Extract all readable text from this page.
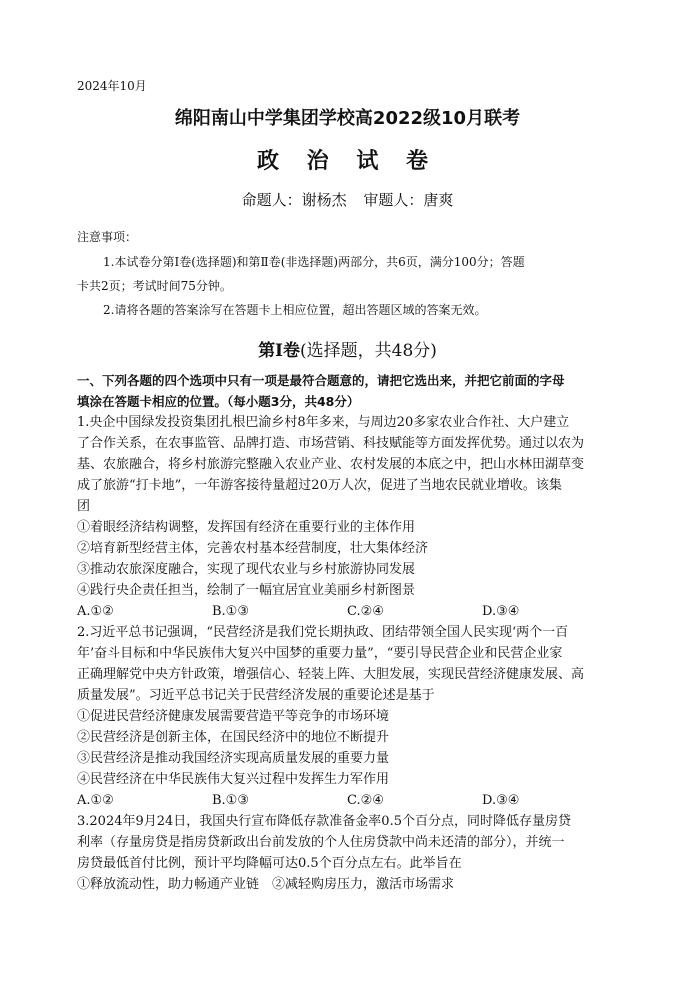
2024年10月
绵阳南山中学集团学校高2022级10月联考
政 治 试 卷
命题人：谢杨杰 审题人：唐爽
注意事项：

1.本试卷分第Ⅰ卷(选择题)和第Ⅱ卷(非选择题)两部分，共6页，满分100分；答题

卡共2页；考试时间75分钟。

2.请将各题的答案涂写在答题卡上相应位置，超出答题区域的答案无效。

第Ⅰ卷(选择题，共48分)

一、下列各题的四个选项中只有一项是最符合题意的，请把它选出来，并把它前面的字母

填涂在答题卡相应的位置。（每小题3分，共48分）

1.央企中国绿发投资集团扎根巴渝乡村8年多来，与周边20多家农业合作社、大户建立

了合作关系，在农事监管、品牌打造、市场营销、科技赋能等方面发挥优势。通过以农为

基、农旅融合，将乡村旅游完整融入农业产业、农村发展的本底之中，把山水林田湖草变

成了旅游“打卡地”，一年游客接待量超过20万人次，促进了当地农民就业增收。该集

团

①着眼经济结构调整，发挥国有经济在重要行业的主体作用

②培育新型经营主体，完善农村基本经营制度，壮大集体经济

③推动农旅深度融合，实现了现代农业与乡村旅游协同发展

④践行央企责任担当，绘制了一幅宜居宜业美丽乡村新图景

A.①②	B.①③	C.②④	D.③④

2.习近平总书记强调，“民营经济是我们党长期执政、团结带领全国人民实现‘两个一百

年’奋斗目标和中华民族伟大复兴中国梦的重要力量”，“要引导民营企业和民营企业家

正确理解党中央方针政策，增强信心、轻装上阵、大胆发展，实现民营经济健康发展、高

质量发展”。习近平总书记关于民营经济发展的重要论述是基于

①促进民营经济健康发展需要营造平等竞争的市场环境

②民营经济是创新主体，在国民经济中的地位不断提升

③民营经济是推动我国经济实现高质量发展的重要力量

④民营经济在中华民族伟大复兴过程中发挥生力军作用

A.①②	B.①③	C.②④	D.③④

3.2024年9月24日，我国央行宣布降低存款准备金率0.5个百分点，同时降低存量房贷

利率（存量房贷是指房贷新政出台前发放的个人住房贷款中尚未还清的部分），并统一

房贷最低首付比例，预计平均降幅可达0.5个百分点左右。此举旨在

①释放流动性，助力畅通产业链　②减轻购房压力，激活市场需求
